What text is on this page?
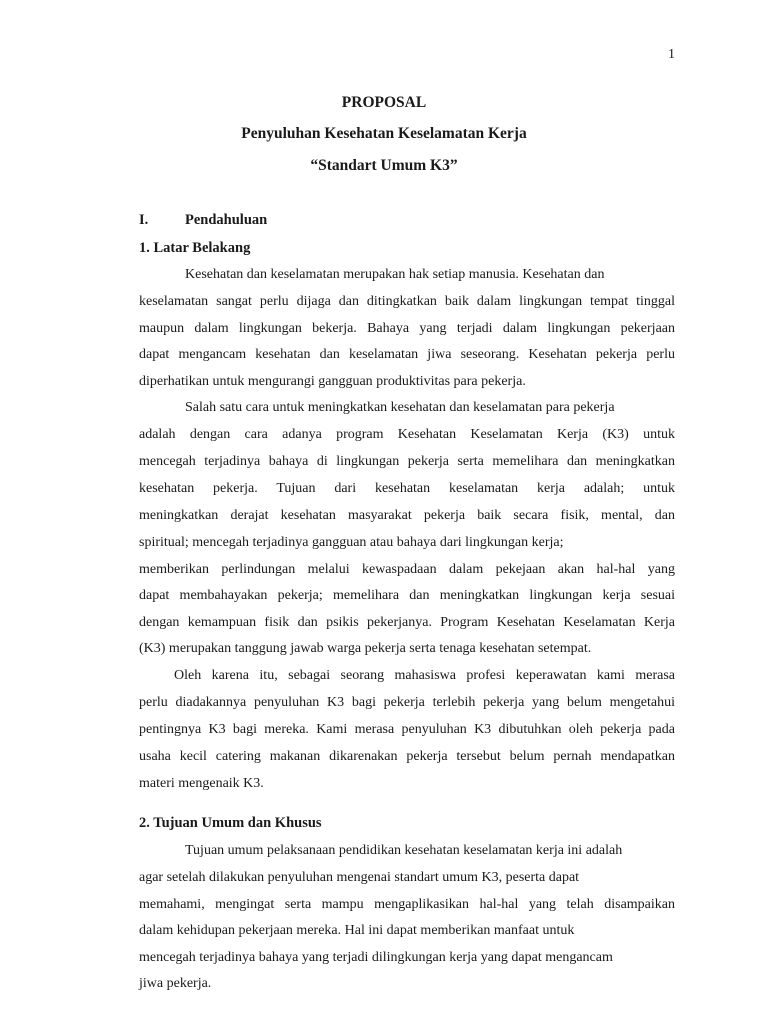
1
PROPOSAL
Penyuluhan Kesehatan Keselamatan Kerja
“Standart Umum K3”
I.	Pendahuluan
1. Latar Belakang
Kesehatan dan keselamatan merupakan hak setiap manusia. Kesehatan dan
keselamatan sangat perlu dijaga dan ditingkatkan baik dalam lingkungan tempat tinggal
maupun dalam lingkungan bekerja. Bahaya yang terjadi dalam lingkungan pekerjaan
dapat mengancam kesehatan dan keselamatan jiwa seseorang. Kesehatan pekerja perlu
diperhatikan untuk mengurangi gangguan produktivitas para pekerja.
Salah satu cara untuk meningkatkan kesehatan dan keselamatan para pekerja
adalah dengan cara adanya program Kesehatan Keselamatan Kerja (K3) untuk
mencegah terjadinya bahaya di lingkungan pekerja serta memelihara dan meningkatkan
kesehatan pekerja. Tujuan dari kesehatan keselamatan kerja adalah; untuk
meningkatkan derajat kesehatan masyarakat pekerja baik secara fisik, mental, dan
spiritual; mencegah terjadinya gangguan atau bahaya dari lingkungan kerja;
memberikan perlindungan melalui kewaspadaan dalam pekejaan akan hal-hal yang
dapat membahayakan pekerja; memelihara dan meningkatkan lingkungan kerja sesuai
dengan kemampuan fisik dan psikis pekerjanya. Program Kesehatan Keselamatan Kerja
(K3) merupakan tanggung jawab warga pekerja serta tenaga kesehatan setempat.
Oleh karena itu, sebagai seorang mahasiswa profesi keperawatan kami merasa
perlu diadakannya penyuluhan K3 bagi pekerja terlebih pekerja yang belum mengetahui
pentingnya K3 bagi mereka. Kami merasa penyuluhan K3 dibutuhkan oleh pekerja pada
usaha kecil catering makanan dikarenakan pekerja tersebut belum pernah mendapatkan
materi mengenaik K3.
2. Tujuan Umum dan Khusus
Tujuan umum pelaksanaan pendidikan kesehatan keselamatan kerja ini adalah
agar setelah dilakukan penyuluhan mengenai standart umum K3, peserta dapat
memahami, mengingat serta mampu mengaplikasikan hal-hal yang telah disampaikan
dalam kehidupan pekerjaan mereka. Hal ini dapat memberikan manfaat untuk
mencegah terjadinya bahaya yang terjadi dilingkungan kerja yang dapat mengancam
jiwa pekerja.
